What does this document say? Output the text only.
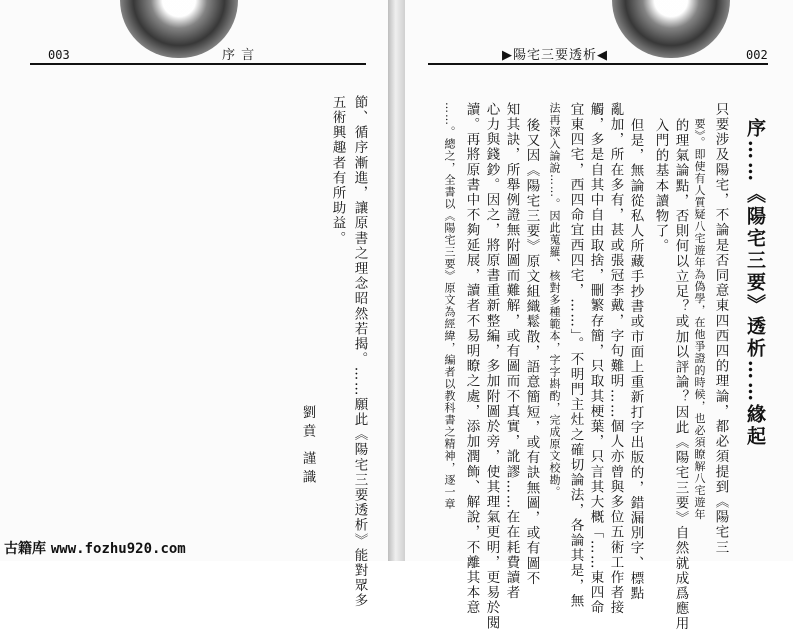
003	序 言	▶陽宅三要透析◀	002
節、循序漸進，讓原書之理念昭然若揭。……願此《陽宅三要透析》能對眾多
五術興趣者有所助益。
劉賁 謹識	序……《陽宅三要》透析……緣起
只要涉及陽宅，不論是否同意東四西四的理論，都必須提到《陽宅三
要》。即使有人質疑八宅遊年為偽學，在他爭證的時候，也必須瞭解八宅遊年
的理氣論點，否則何以立足？或加以評論？因此《陽宅三要》自然就成爲應用
入門的基本讀物了。
但是，無論從私人所藏手抄書或市面上重新打字出版的，錯漏別字、標點
亂加，所在多有，甚或張冠李戴，字句難明……個人亦曾與多位五術工作者接
觸，多是自其中自由取捨，刪繁存簡，只取其梗葉，只言其大概「……東四命
宜東四宅，西四命宜西四宅，……」。不明門主灶之確切論法，各論其是，無
法再深入論說……。因此蒐羅、核對多種範本，字字斟酌，完成原文校勘。
後又因《陽宅三要》原文組織鬆散，語意簡短，或有訣無圖，或有圖不
知其訣，所舉例證無附圖而難解，或有圖而不真實，訛謬……在在耗費讀者
心力與錢鈔。因之，將原書重新整編，多加附圖於旁，使其理氣更明，更易於閱
讀。再將原書中不夠延展，讀者不易明瞭之處，添加潤飾、解說，不離其本意
……。總之，全書以《陽宅三要》原文為經緯，編者以教科書之精神，逐一章
古籍库 www.fozhu920.com
